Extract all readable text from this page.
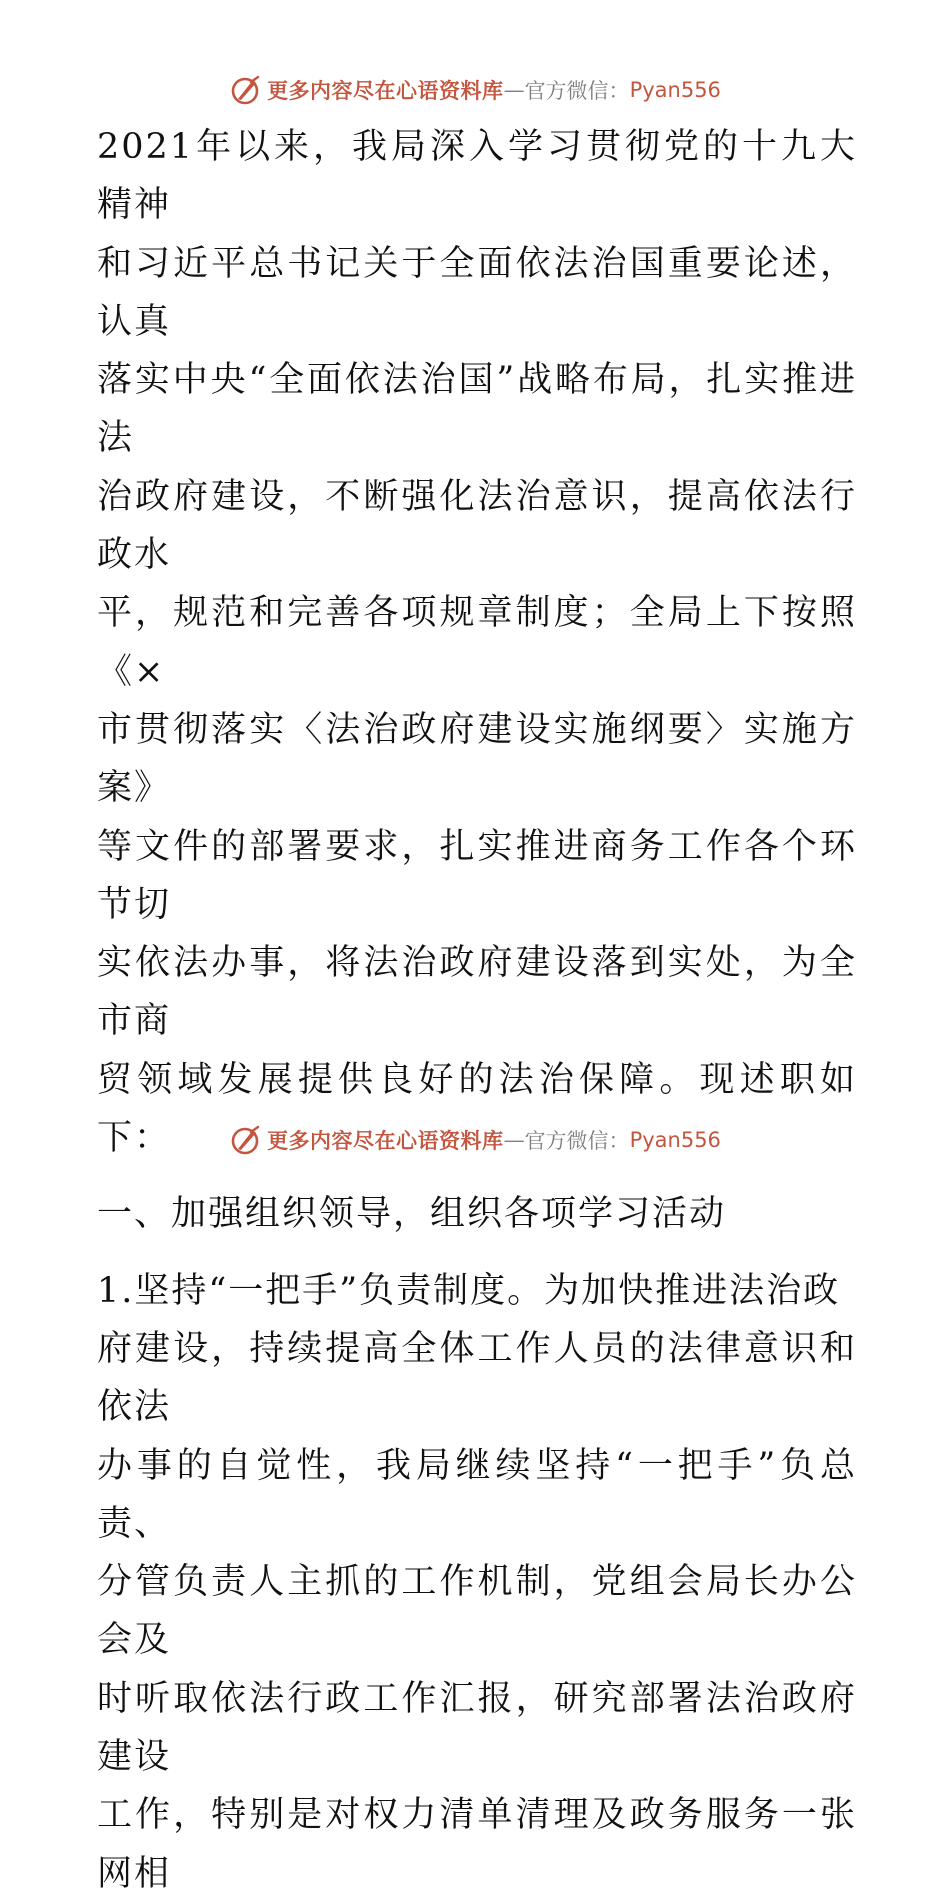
更多内容尽在心语资料库 — 官方微信： Pyan556
2021年以来，我局深入学习贯彻党的十九大精神
和习近平总书记关于全面依法治国重要论述，认真
落实中央“全面依法治国”战略布局，扎实推进法
治政府建设，不断强化法治意识，提高依法行政水
平，规范和完善各项规章制度；全局上下按照《×
市贯彻落实〈法治政府建设实施纲要〉实施方案》
等文件的部署要求，扎实推进商务工作各个环节切
实依法办事，将法治政府建设落到实处，为全市商
贸领域发展提供良好的法治保障。现述职如下：
一、加强组织领导，组织各项学习活动
1.坚持“一把手”负责制度。为加快推进法治政
府建设，持续提高全体工作人员的法律意识和依法
办事的自觉性，我局继续坚持“一把手”负总责、
分管负责人主抓的工作机制，党组会局长办公会及
时听取依法行政工作汇报，研究部署法治政府建设
工作，特别是对权力清单清理及政务服务一张网相
更多内容尽在心语资料库 — 官方微信： Pyan556
